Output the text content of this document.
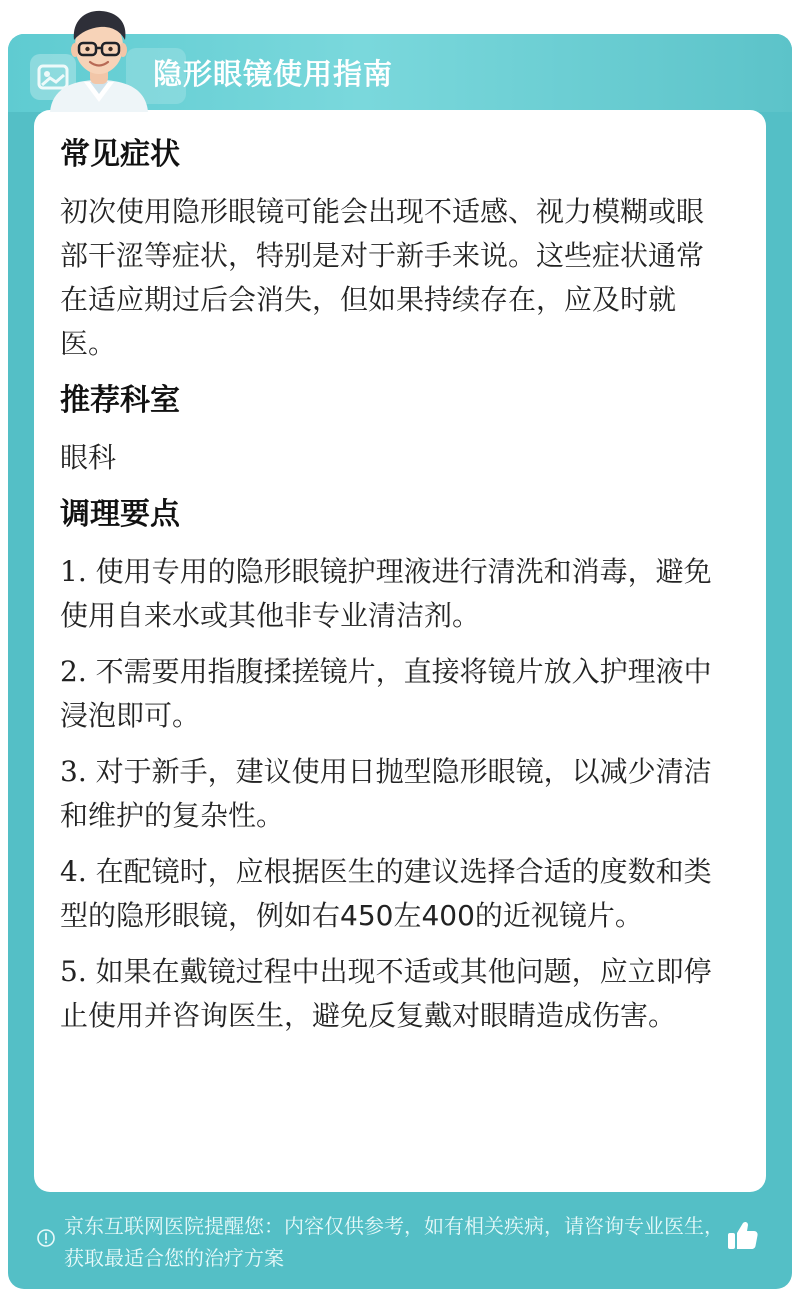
隐形眼镜使用指南
常见症状
初次使用隐形眼镜可能会出现不适感、视力模糊或眼部干涩等症状，特别是对于新手来说。这些症状通常在适应期过后会消失，但如果持续存在，应及时就医。
推荐科室
眼科
调理要点
1. 使用专用的隐形眼镜护理液进行清洗和消毒，避免使用自来水或其他非专业清洁剂。
2. 不需要用指腹揉搓镜片，直接将镜片放入护理液中浸泡即可。
3. 对于新手，建议使用日抛型隐形眼镜，以减少清洁和维护的复杂性。
4. 在配镜时，应根据医生的建议选择合适的度数和类型的隐形眼镜，例如右450左400的近视镜片。
5. 如果在戴镜过程中出现不适或其他问题，应立即停止使用并咨询医生，避免反复戴对眼睛造成伤害。
京东互联网医院提醒您：内容仅供参考，如有相关疾病，请咨询专业医生，获取最适合您的治疗方案
